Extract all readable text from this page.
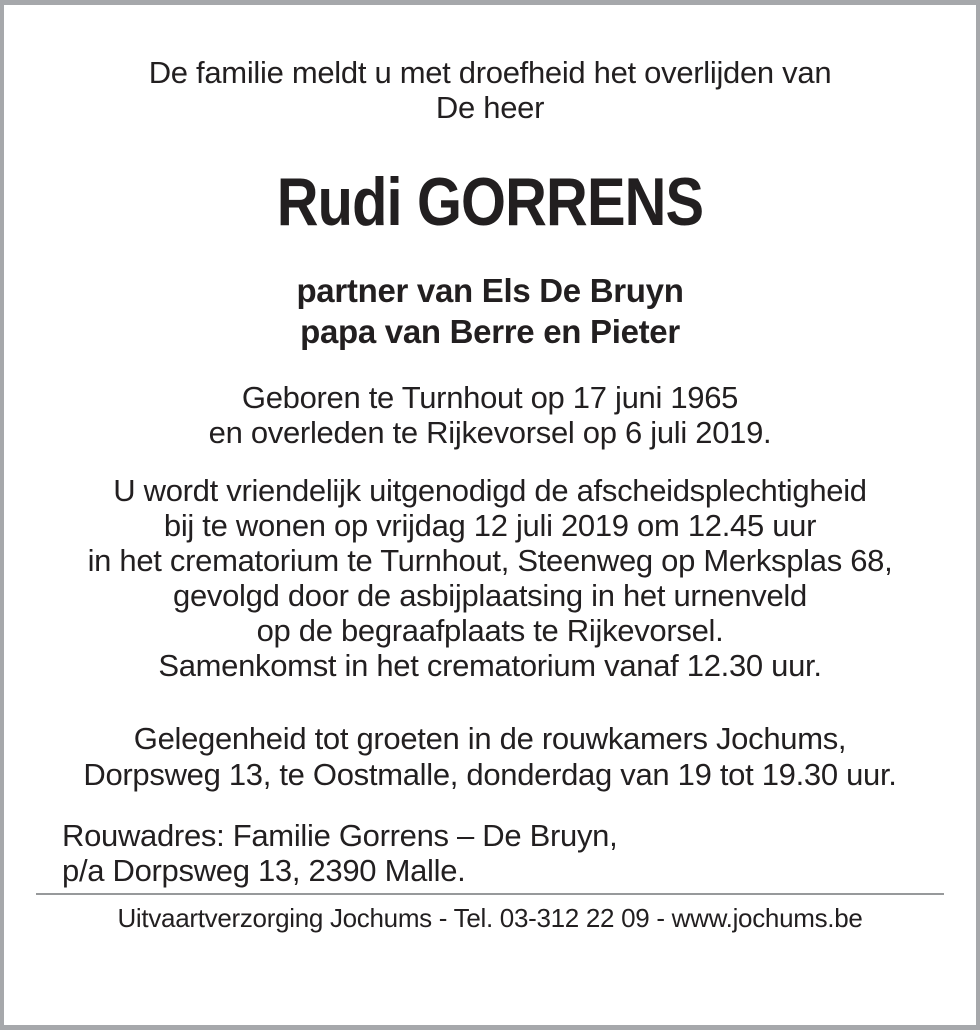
De familie meldt u met droefheid het overlijden van

De heer

Rudi GORRENS

partner van Els De Bruyn

papa van Berre en Pieter

Geboren te Turnhout op 17 juni 1965

en overleden te Rijkevorsel op 6 juli 2019.

U wordt vriendelijk uitgenodigd de afscheidsplechtigheid

bij te wonen op vrijdag 12 juli 2019 om 12.45 uur

in het crematorium te Turnhout, Steenweg op Merksplas 68,

gevolgd door de asbijplaatsing in het urnenveld

op de begraafplaats te Rijkevorsel.

Samenkomst in het crematorium vanaf 12.30 uur.

Gelegenheid tot groeten in de rouwkamers Jochums,

Dorpsweg 13, te Oostmalle, donderdag van 19 tot 19.30 uur.

Rouwadres: Familie Gorrens – De Bruyn,

p/a Dorpsweg 13, 2390 Malle.

Uitvaartverzorging Jochums - Tel. 03-312 22 09 - www.jochums.be
